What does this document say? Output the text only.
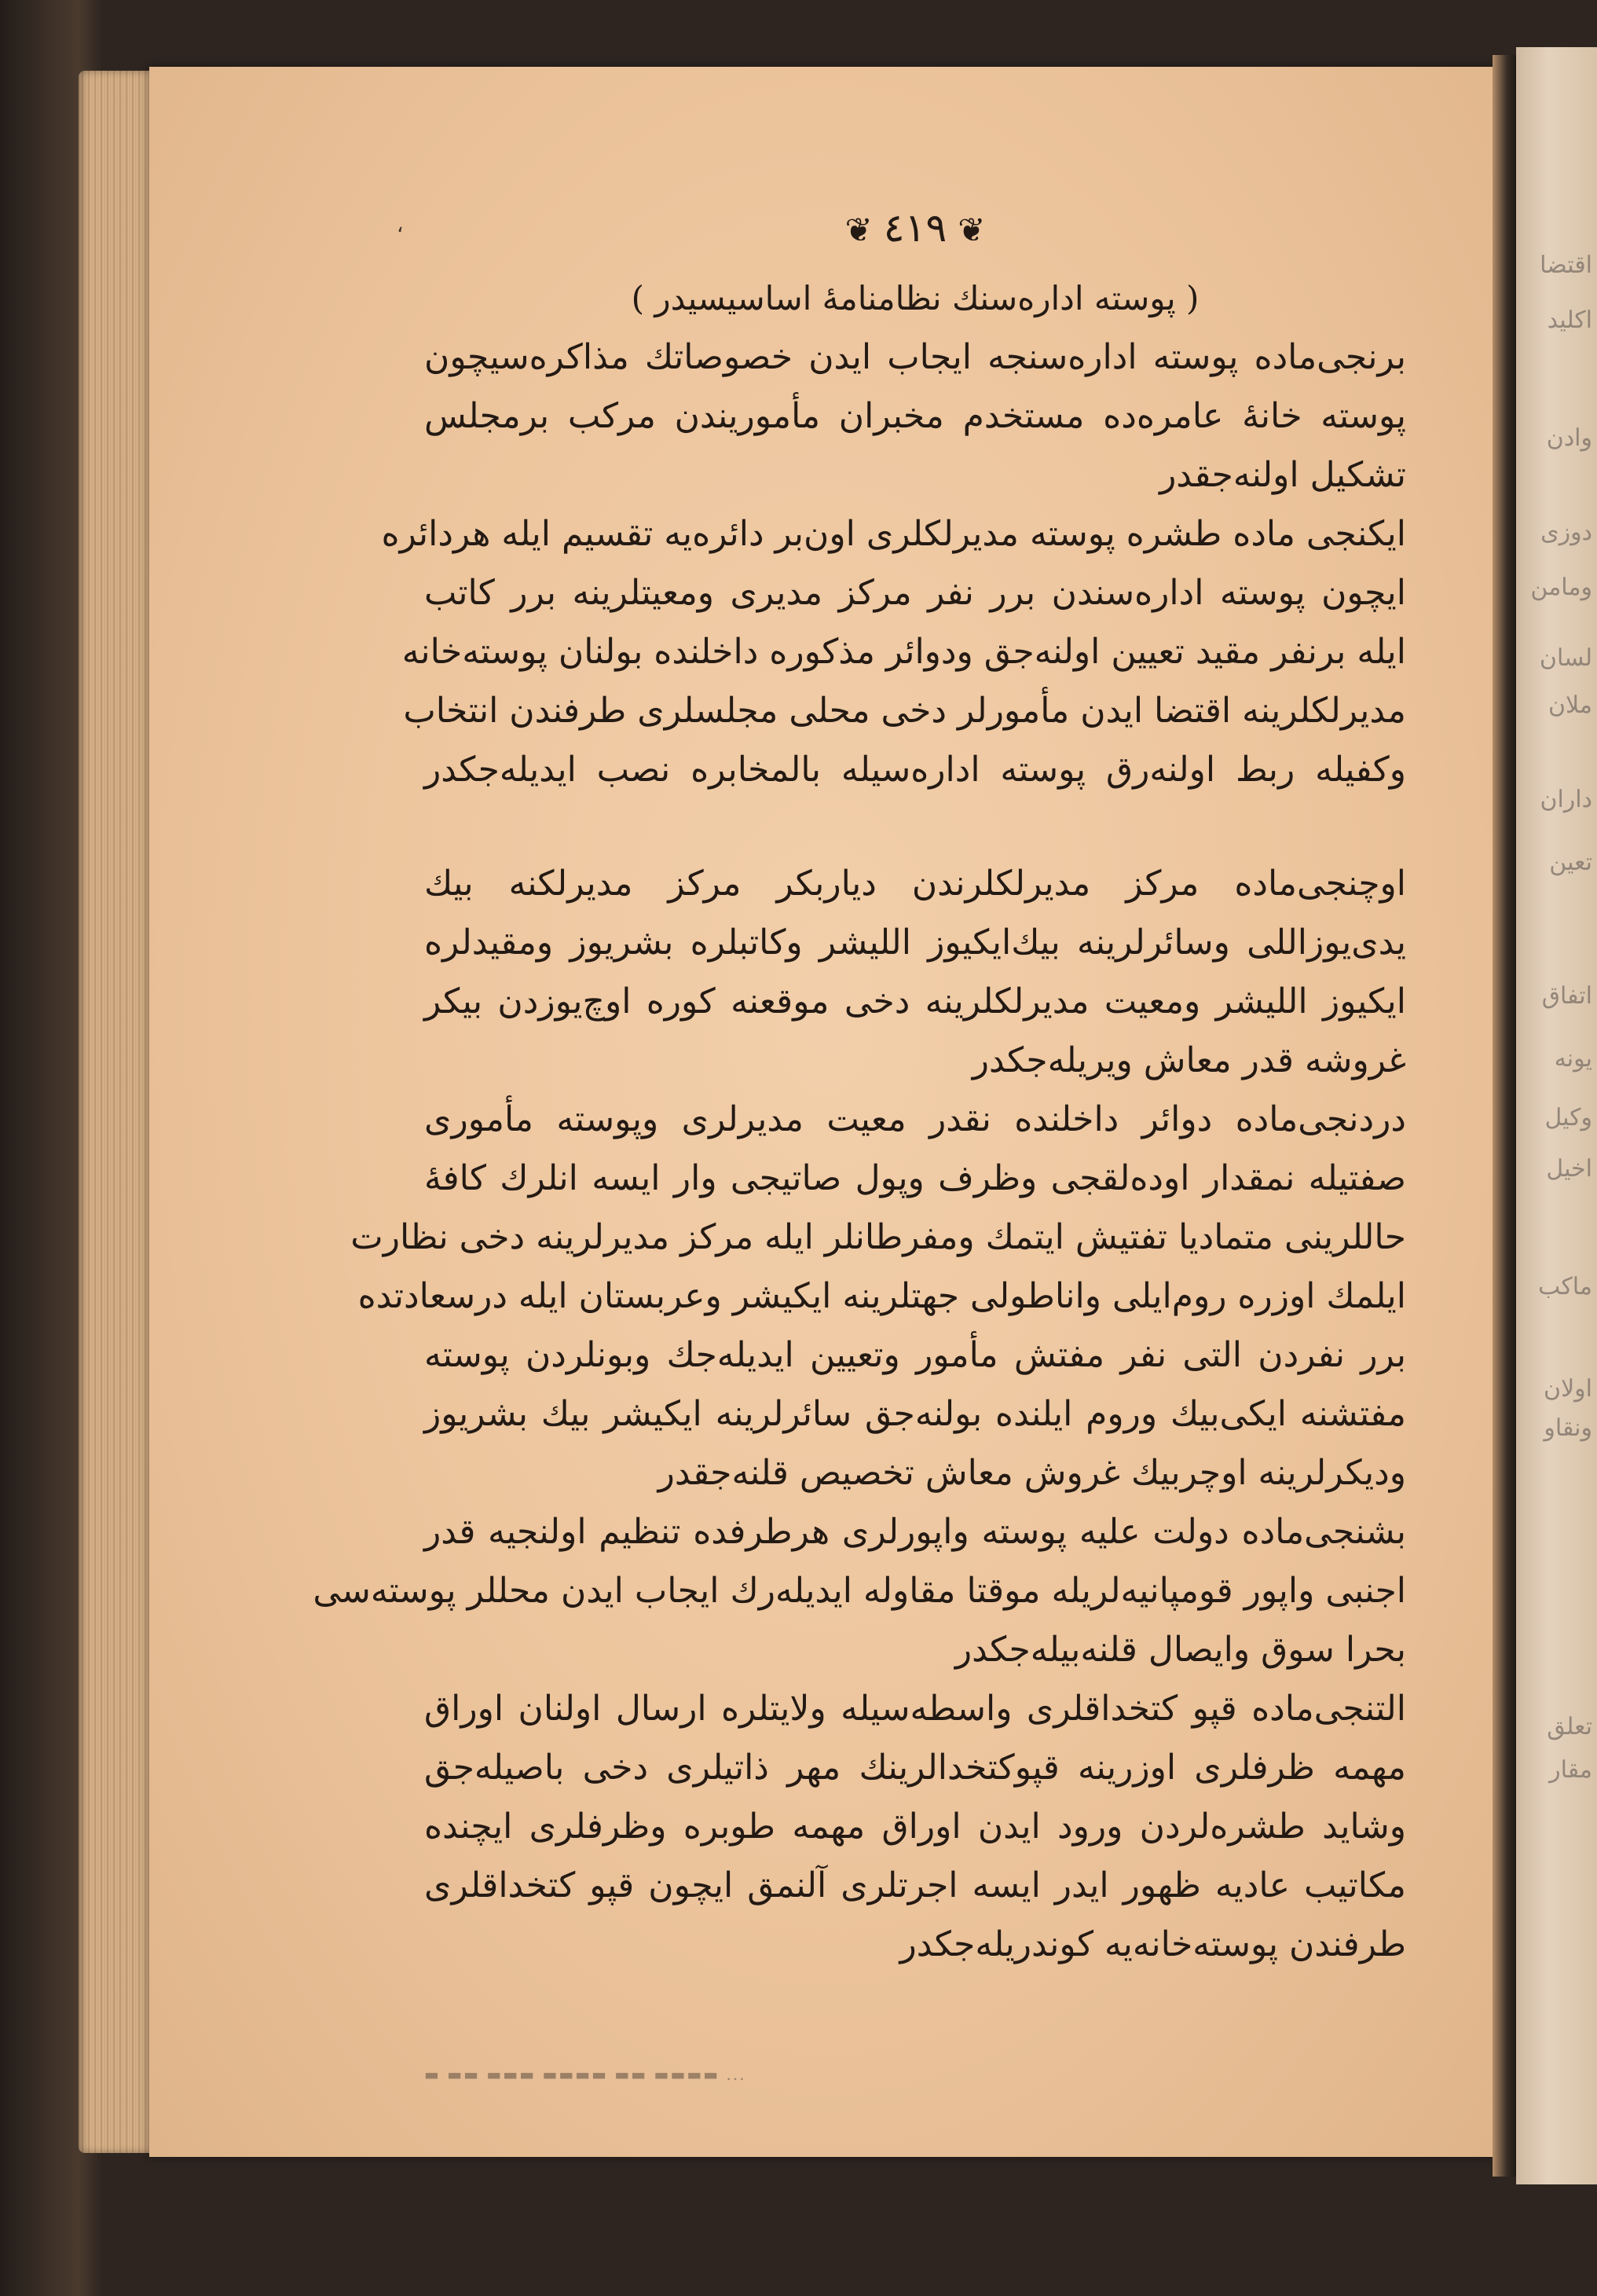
اقتضا
اکلید
وادن
دوزی
ومامن
لسان
ملان
داران
تعین
اتفاق
یونه
وکیل
اخیل
ماکب
اولان
ونقاو
تعلق
مقار
،	❦٤١٩❦
( پوسته اداره‌سنك نظامنامهٔ اساسیسیدر )
برنجی‌ماده پوسته اداره‌سنجه ایجاب ایدن خصوصاتك مذاکره‌سیچون
پوسته خانهٔ عامره‌ده مستخدم مخبران مأموریندن مرکب برمجلس
تشکیل اولنه‌جقدر
ایکنجی ماده طشره پوسته مدیرلکلری اون‌بر دائره‌یه تقسیم ایله هردائره
ایچون پوسته اداره‌سندن برر نفر مرکز مدیری ومعیتلرینه برر کاتب
ایله برنفر مقید تعیین اولنه‌جق ودوائر مذکوره داخلنده بولنان پوسته‌خانه
مدیرلکلرینه اقتضا ایدن مأمورلر دخی محلی مجلسلری طرفندن انتخاب
وکفیله ربط اولنه‌رق پوسته اداره‌سیله بالمخابره نصب ایدیله‌جکدر
اوچنجی‌ماده مرکز مدیرلکلرندن دیاربکر مرکز مدیرلکنه بیك
یدی‌یوزاللی وسائرلرینه بیك‌ایکیوز اللیشر وکاتبلره بشریوز ومقیدلره
ایکیوز اللیشر ومعیت مدیرلکلرینه دخی موقعنه کوره اوچ‌یوزدن بیکر
غروشه قدر معاش ویریله‌جکدر
دردنجی‌ماده دوائر داخلنده نقدر معیت مدیرلری وپوسته مأموری
صفتیله نمقدار اوده‌لقجی وظرف وپول صاتیجی وار ایسه انلرك کافهٔ
حاللرینی متمادیا تفتیش ایتمك ومفرطانلر ایله مرکز مدیرلرینه دخی نظارت
ایلمك اوزره روم‌ایلی واناطولی جهتلرینه ایکیشر وعربستان ایله درسعادتده
برر نفردن التی نفر مفتش مأمور وتعیین ایدیله‌جك وبونلردن پوسته
مفتشنه ایکی‌بیك وروم ایلنده بولنه‌جق سائرلرینه ایکیشر بیك بشریوز
ودیکرلرینه اوچربیك غروش معاش تخصیص قلنه‌جقدر
بشنجی‌ماده دولت علیه پوسته واپورلری هرطرفده تنظیم اولنجیه قدر
اجنبی واپور قومپانیه‌لریله موقتا مقاوله ایدیله‌رك ایجاب ایدن محللر پوسته‌سی
بحرا سوق وایصال قلنه‌بیله‌جکدر
التنجی‌ماده قپو کتخداقلری واسطه‌سیله ولایتلره ارسال اولنان اوراق
مهمه ظرفلری اوزرینه قپوکتخدالرینك مهر ذاتیلری دخی باصیله‌جق
وشاید طشره‌لردن ورود ایدن اوراق مهمه طوبره وظرفلری ایچنده
مکاتیب عادیه ظهور ایدر ایسه اجرتلری آلنمق ایچون قپو کتخداقلری
طرفندن پوسته‌خانه‌یه کوندریله‌جکدر
▬ ▬▬ ▬▬▬ ▬▬▬▬ ▬▬ ▬▬▬▬ ...
